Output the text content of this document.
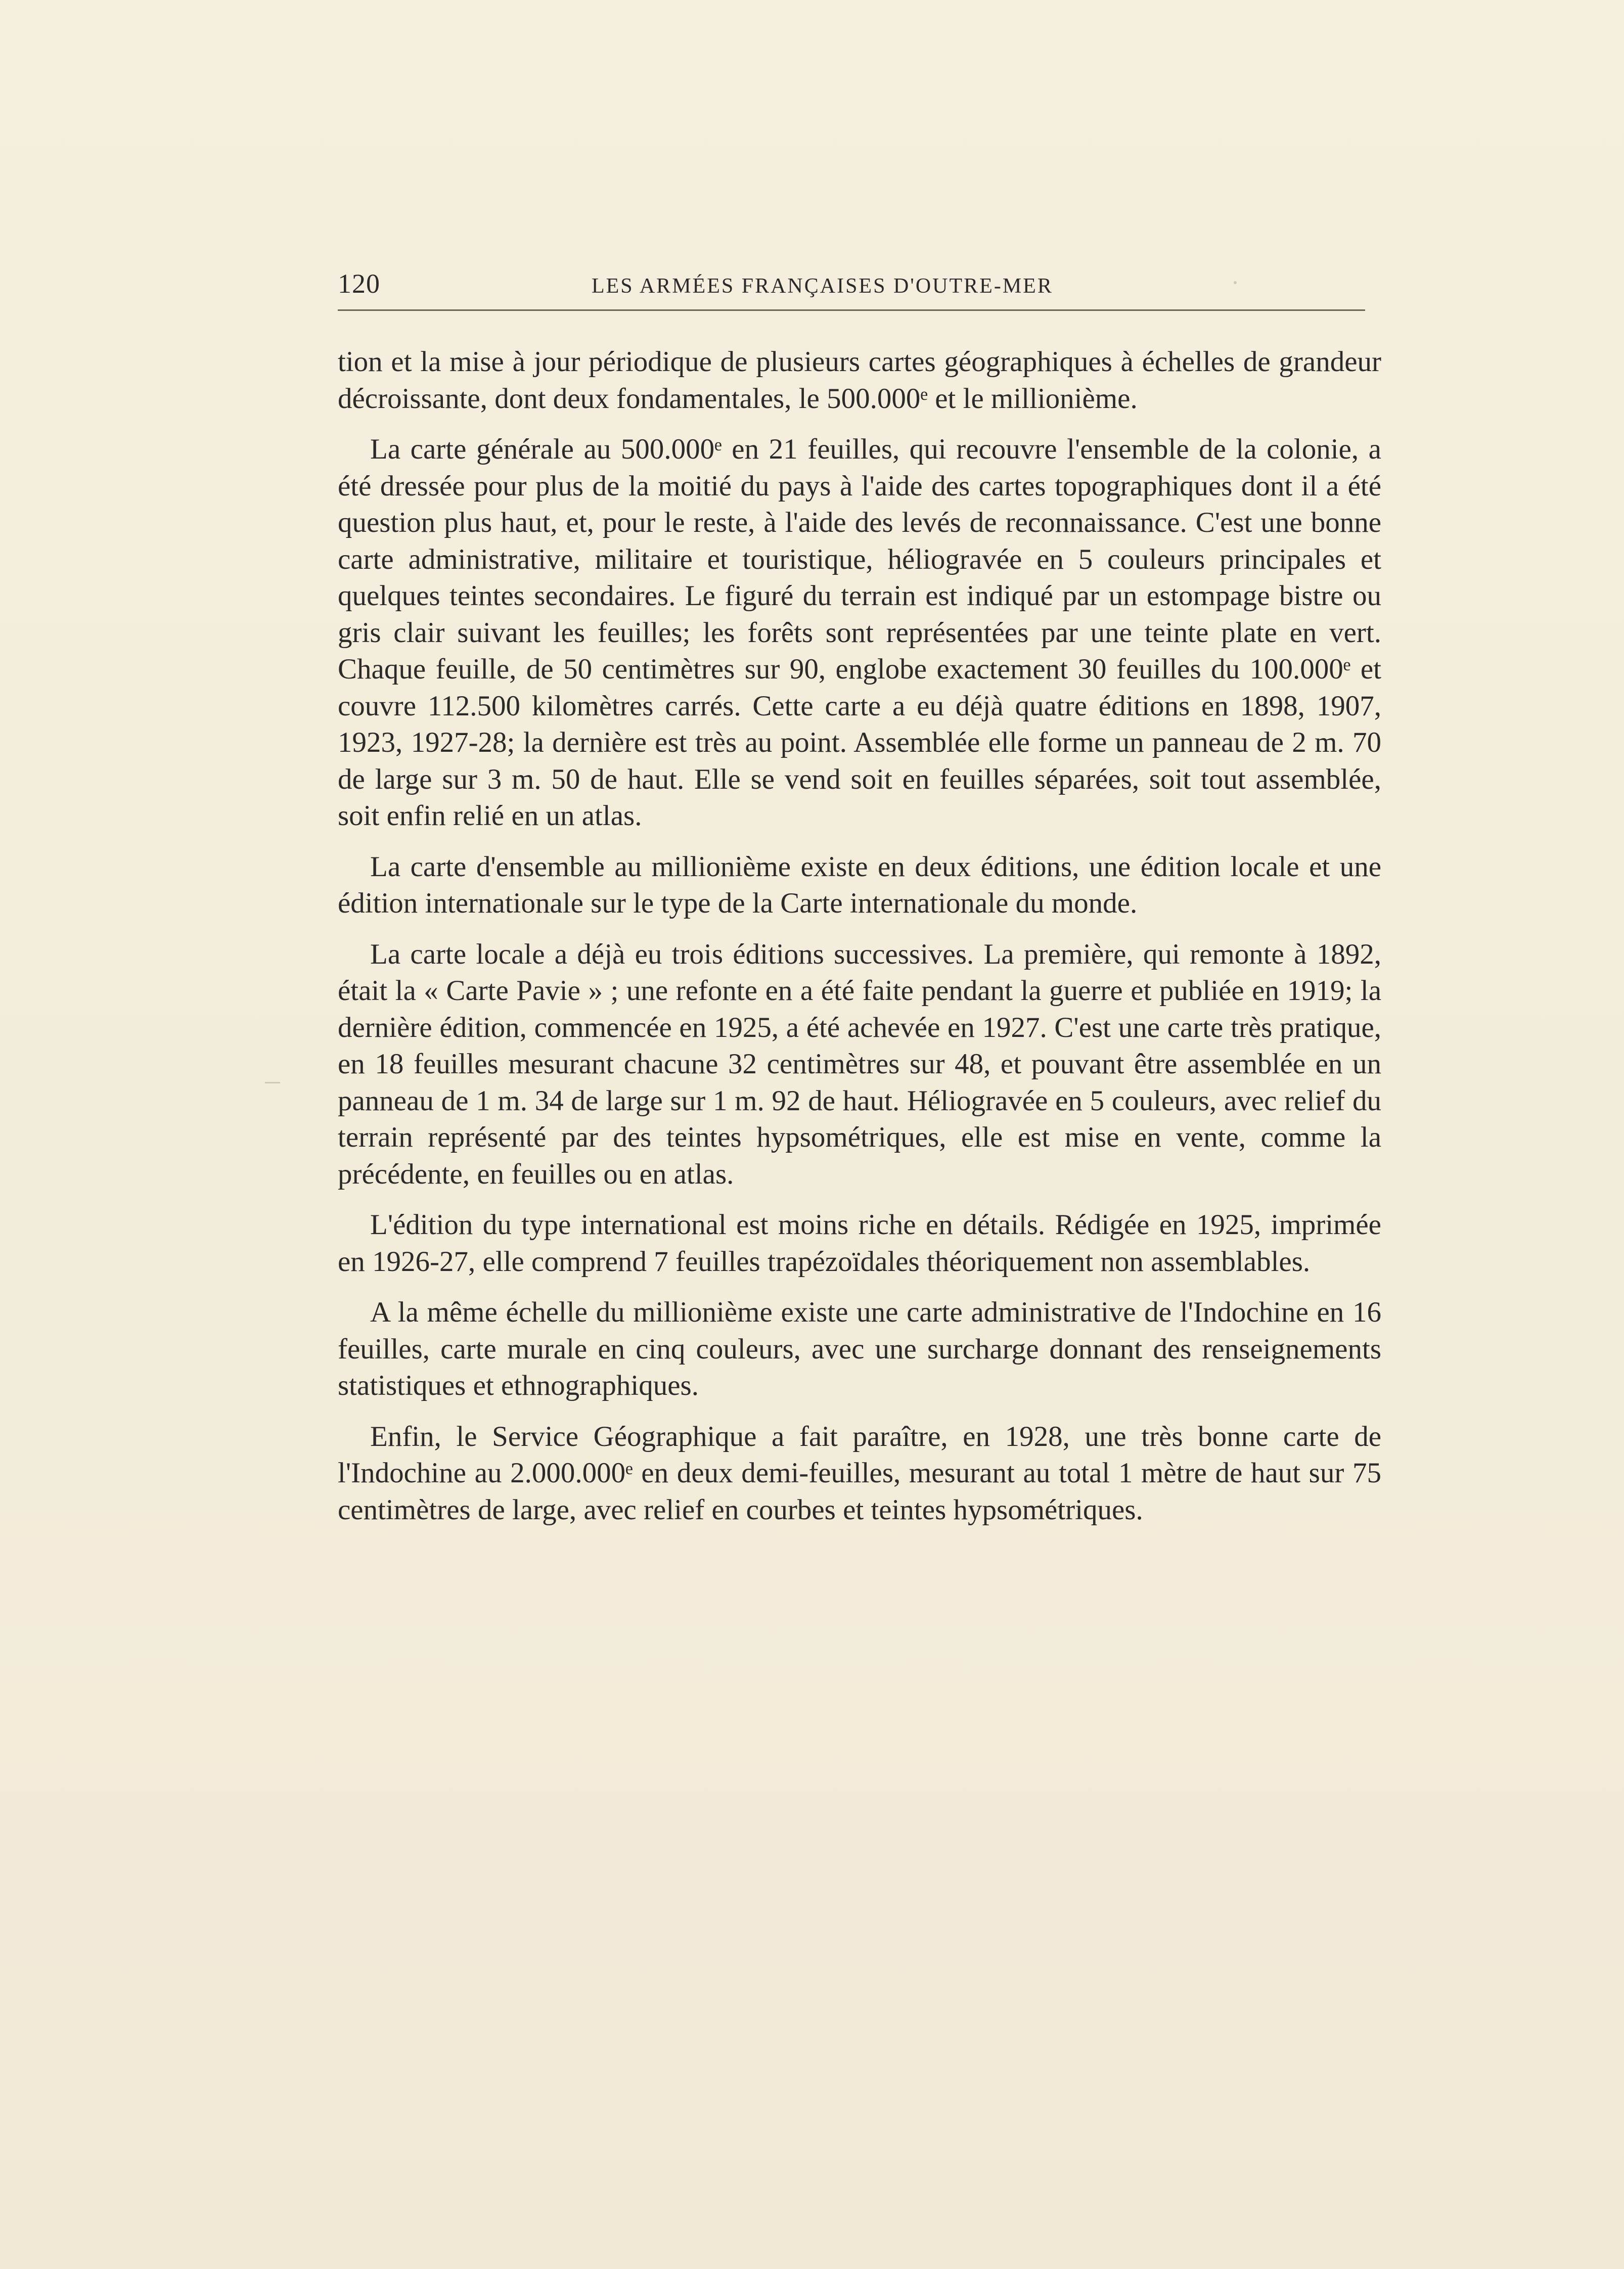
120	LES ARMÉES FRANÇAISES D'OUTRE-MER

tion et la mise à jour périodique de plusieurs cartes géographiques à échelles de grandeur décroissante, dont deux fondamentales, le 500.000ᵉ et le millionième.

La carte générale au 500.000ᵉ en 21 feuilles, qui recouvre l'ensemble de la colonie, a été dressée pour plus de la moitié du pays à l'aide des cartes topographiques dont il a été question plus haut, et, pour le reste, à l'aide des levés de reconnaissance. C'est une bonne carte administrative, militaire et touristique, héliogravée en 5 couleurs principales et quelques teintes secondaires. Le figuré du terrain est indiqué par un estompage bistre ou gris clair suivant les feuilles; les forêts sont représentées par une teinte plate en vert. Chaque feuille, de 50 centimètres sur 90, englobe exactement 30 feuilles du 100.000ᵉ et couvre 112.500 kilomètres carrés. Cette carte a eu déjà quatre éditions en 1898, 1907, 1923, 1927-28; la dernière est très au point. Assemblée elle forme un panneau de 2 m. 70 de large sur 3 m. 50 de haut. Elle se vend soit en feuilles séparées, soit tout assemblée, soit enfin relié en un atlas.

La carte d'ensemble au millionième existe en deux éditions, une édition locale et une édition internationale sur le type de la Carte internationale du monde.

La carte locale a déjà eu trois éditions successives. La première, qui remonte à 1892, était la « Carte Pavie » ; une refonte en a été faite pendant la guerre et publiée en 1919; la dernière édition, commencée en 1925, a été achevée en 1927. C'est une carte très pratique, en 18 feuilles mesurant chacune 32 centimètres sur 48, et pouvant être assemblée en un panneau de 1 m. 34 de large sur 1 m. 92 de haut. Héliogravée en 5 couleurs, avec relief du terrain représenté par des teintes hypsométriques, elle est mise en vente, comme la précédente, en feuilles ou en atlas.

L'édition du type international est moins riche en détails. Rédigée en 1925, imprimée en 1926-27, elle comprend 7 feuilles trapézoïdales théoriquement non assemblables.

A la même échelle du millionième existe une carte administrative de l'Indochine en 16 feuilles, carte murale en cinq couleurs, avec une surcharge donnant des renseignements statistiques et ethnographiques.

Enfin, le Service Géographique a fait paraître, en 1928, une très bonne carte de l'Indochine au 2.000.000ᵉ en deux demi-feuilles, mesurant au total 1 mètre de haut sur 75 centimètres de large, avec relief en courbes et teintes hypsométriques.
